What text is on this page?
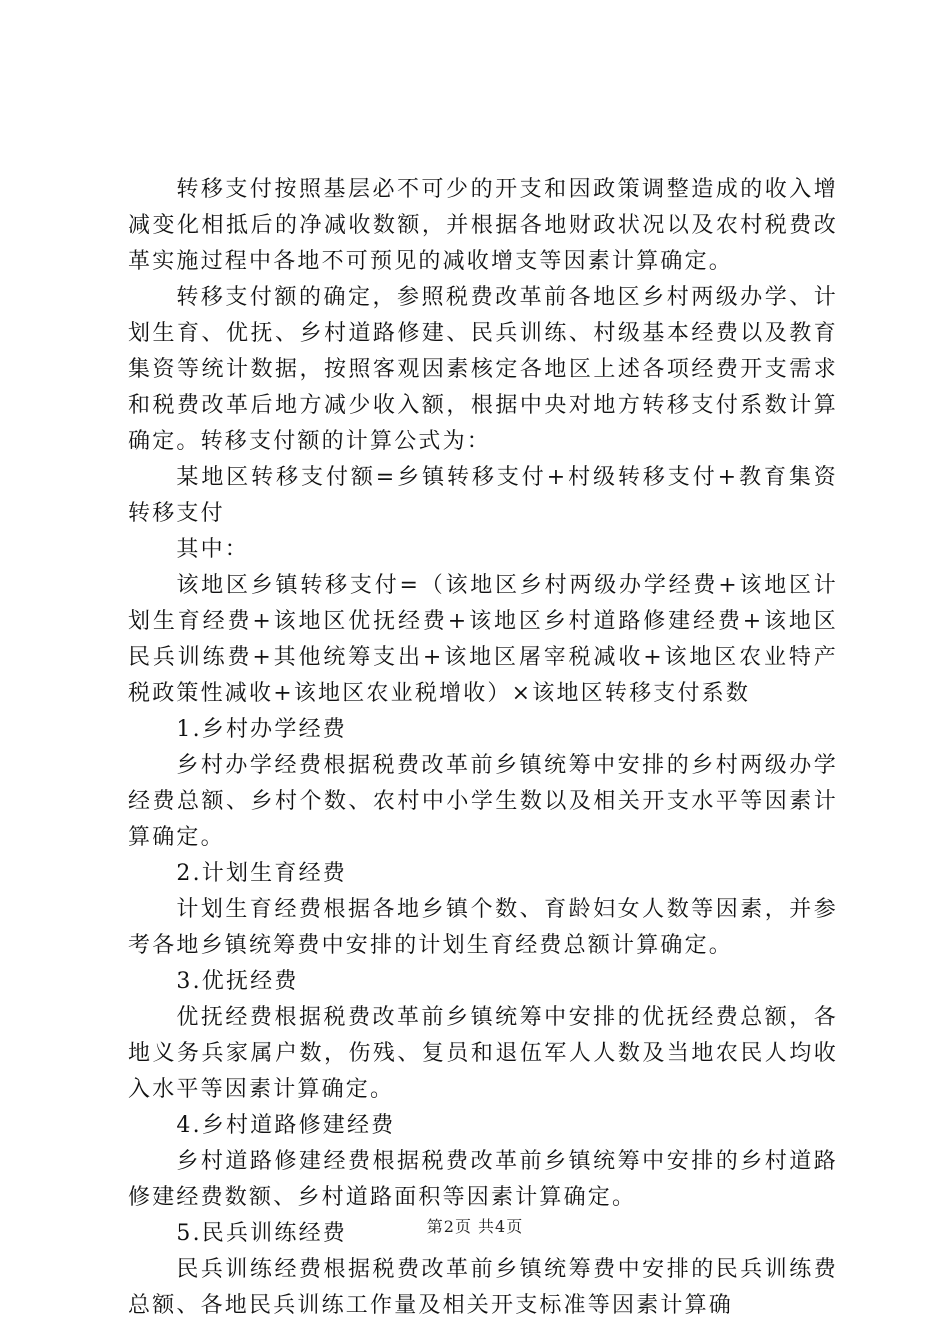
转移支付按照基层必不可少的开支和因政策调整造成的收入增减变化相抵后的净减收数额，并根据各地财政状况以及农村税费改革实施过程中各地不可预见的减收增支等因素计算确定。

转移支付额的确定，参照税费改革前各地区乡村两级办学、计划生育、优抚、乡村道路修建、民兵训练、村级基本经费以及教育集资等统计数据，按照客观因素核定各地区上述各项经费开支需求和税费改革后地方减少收入额，根据中央对地方转移支付系数计算确定。转移支付额的计算公式为：

某地区转移支付额=乡镇转移支付+村级转移支付+教育集资转移支付

其中：

该地区乡镇转移支付=（该地区乡村两级办学经费+该地区计划生育经费+该地区优抚经费+该地区乡村道路修建经费+该地区民兵训练费+其他统筹支出+该地区屠宰税减收+该地区农业特产税政策性减收+该地区农业税增收）×该地区转移支付系数

1.乡村办学经费

乡村办学经费根据税费改革前乡镇统筹中安排的乡村两级办学经费总额、乡村个数、农村中小学生数以及相关开支水平等因素计算确定。

2.计划生育经费

计划生育经费根据各地乡镇个数、育龄妇女人数等因素，并参考各地乡镇统筹费中安排的计划生育经费总额计算确定。

3.优抚经费

优抚经费根据税费改革前乡镇统筹中安排的优抚经费总额，各地义务兵家属户数，伤残、复员和退伍军人人数及当地农民人均收入水平等因素计算确定。

4.乡村道路修建经费

乡村道路修建经费根据税费改革前乡镇统筹中安排的乡村道路修建经费数额、乡村道路面积等因素计算确定。

5.民兵训练经费

民兵训练经费根据税费改革前乡镇统筹费中安排的民兵训练费总额、各地民兵训练工作量及相关开支标准等因素计算确

第2页 共4页
